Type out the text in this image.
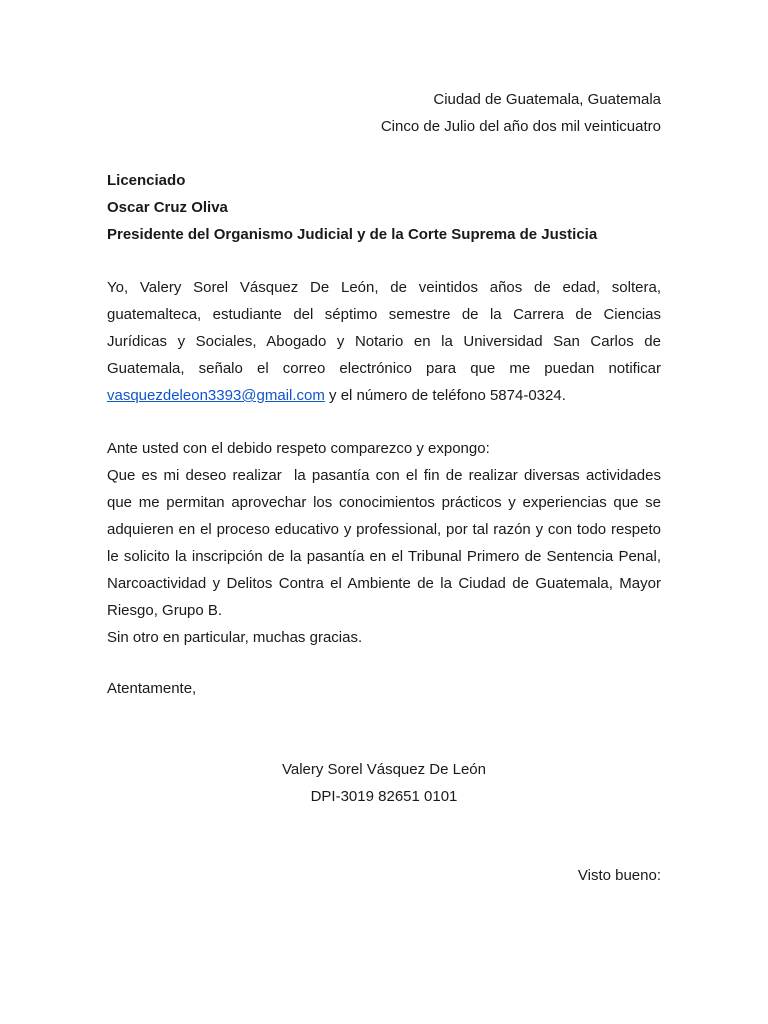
Ciudad de Guatemala, Guatemala
Cinco de Julio del año dos mil veinticuatro
Licenciado
Oscar Cruz Oliva
Presidente del Organismo Judicial y de la Corte Suprema de Justicia
Yo, Valery Sorel Vásquez De León, de veintidos años de edad, soltera,
guatemalteca, estudiante del séptimo semestre de la Carrera de Ciencias
Jurídicas y Sociales, Abogado y Notario en la Universidad San Carlos de
Guatemala, señalo el correo electrónico para que me puedan notificar
vasquezdeleon3393@gmail.com y el número de teléfono 5874-0324.
Ante usted con el debido respeto comparezco y expongo:
Que es mi deseo realizar  la pasantía con el fin de realizar diversas actividades
que me permitan aprovechar los conocimientos prácticos y experiencias que se
adquieren en el proceso educativo y professional, por tal razón y con todo respeto
le solicito la inscripción de la pasantía en el Tribunal Primero de Sentencia Penal,
Narcoactividad y Delitos Contra el Ambiente de la Ciudad de Guatemala, Mayor
Riesgo, Grupo B.
Sin otro en particular, muchas gracias.
Atentamente,
Valery Sorel Vásquez De León
DPI-3019 82651 0101
Visto bueno:
